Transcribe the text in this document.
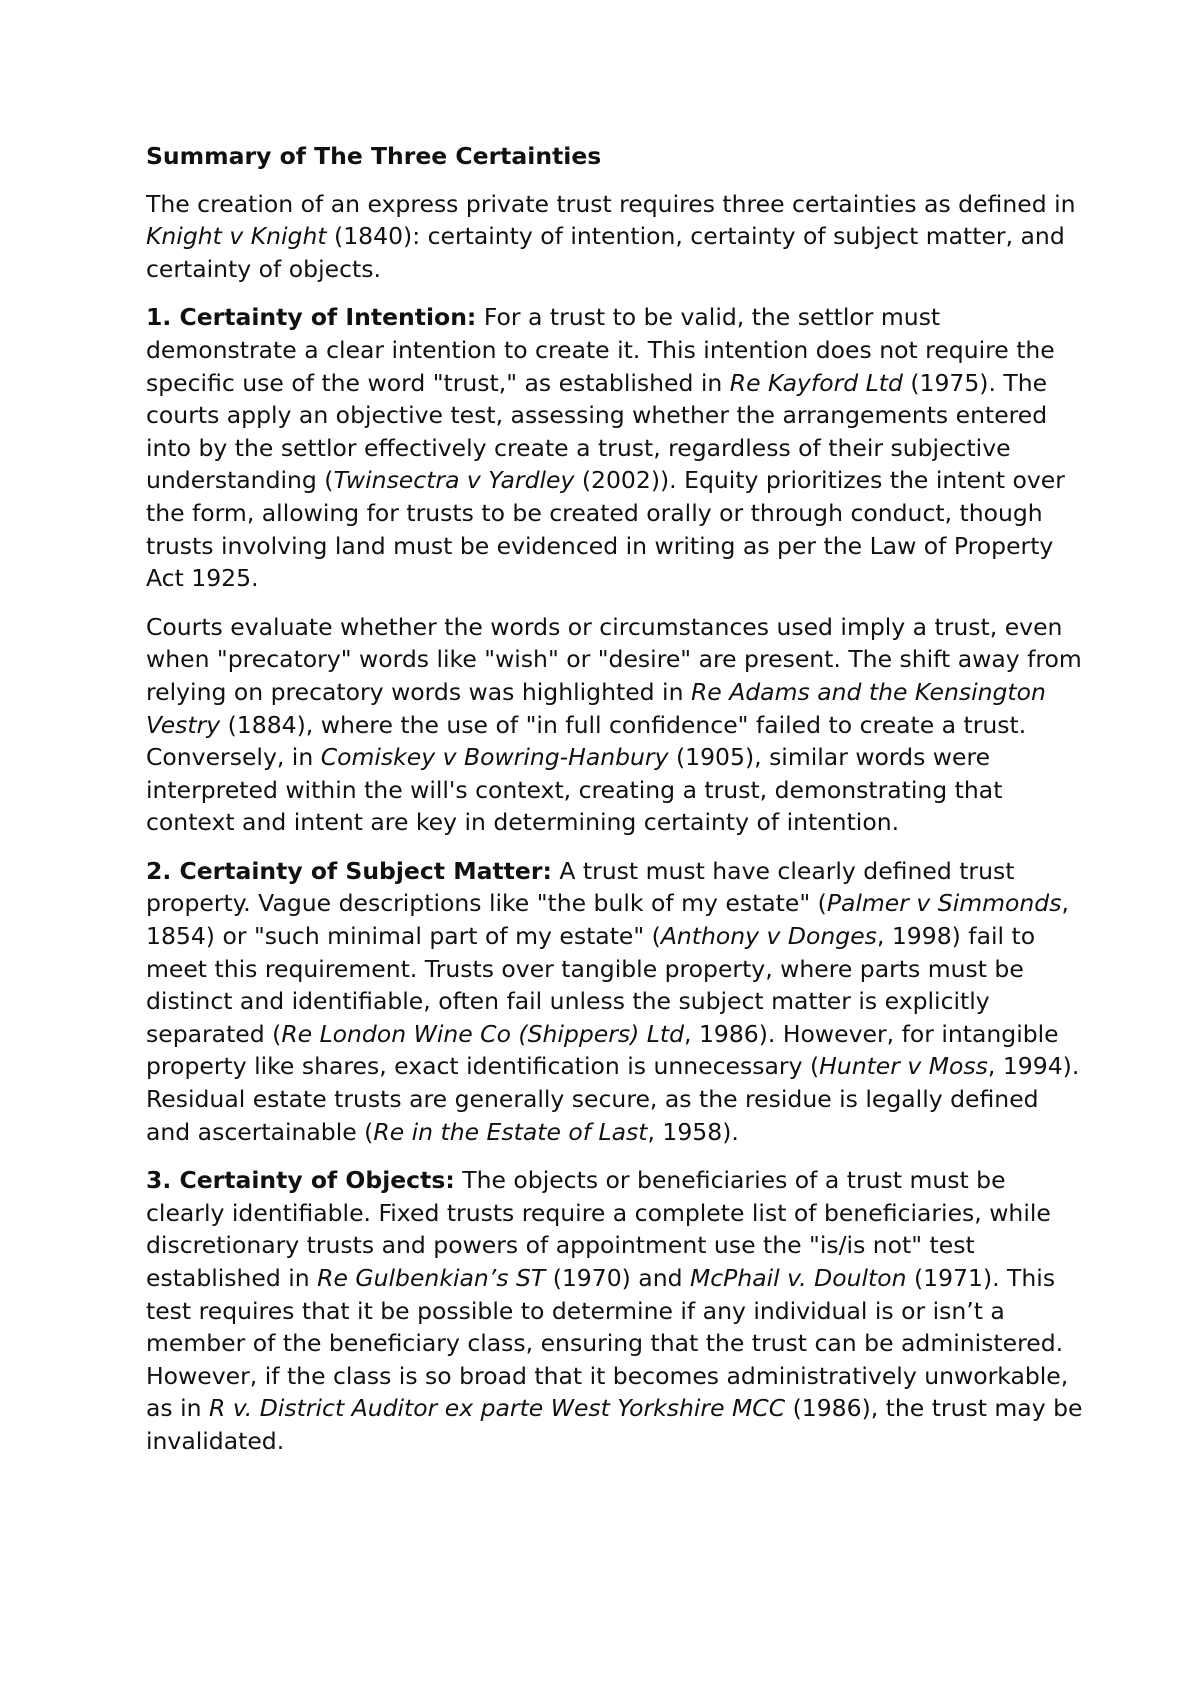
Summary of The Three Certainties

The creation of an express private trust requires three certainties as defined in Knight v Knight (1840): certainty of intention, certainty of subject matter, and certainty of objects.

1. Certainty of Intention: For a trust to be valid, the settlor must demonstrate a clear intention to create it. This intention does not require the specific use of the word "trust," as established in Re Kayford Ltd (1975). The courts apply an objective test, assessing whether the arrangements entered into by the settlor effectively create a trust, regardless of their subjective understanding (Twinsectra v Yardley (2002)). Equity prioritizes the intent over the form, allowing for trusts to be created orally or through conduct, though trusts involving land must be evidenced in writing as per the Law of Property Act 1925.

Courts evaluate whether the words or circumstances used imply a trust, even when "precatory" words like "wish" or "desire" are present. The shift away from relying on precatory words was highlighted in Re Adams and the Kensington Vestry (1884), where the use of "in full confidence" failed to create a trust. Conversely, in Comiskey v Bowring-Hanbury (1905), similar words were interpreted within the will's context, creating a trust, demonstrating that context and intent are key in determining certainty of intention.

2. Certainty of Subject Matter: A trust must have clearly defined trust property. Vague descriptions like "the bulk of my estate" (Palmer v Simmonds, 1854) or "such minimal part of my estate" (Anthony v Donges, 1998) fail to meet this requirement. Trusts over tangible property, where parts must be distinct and identifiable, often fail unless the subject matter is explicitly separated (Re London Wine Co (Shippers) Ltd, 1986). However, for intangible property like shares, exact identification is unnecessary (Hunter v Moss, 1994). Residual estate trusts are generally secure, as the residue is legally defined and ascertainable (Re in the Estate of Last, 1958).

3. Certainty of Objects: The objects or beneficiaries of a trust must be clearly identifiable. Fixed trusts require a complete list of beneficiaries, while discretionary trusts and powers of appointment use the "is/is not" test established in Re Gulbenkian’s ST (1970) and McPhail v. Doulton (1971). This test requires that it be possible to determine if any individual is or isn’t a member of the beneficiary class, ensuring that the trust can be administered. However, if the class is so broad that it becomes administratively unworkable, as in R v. District Auditor ex parte West Yorkshire MCC (1986), the trust may be invalidated.
